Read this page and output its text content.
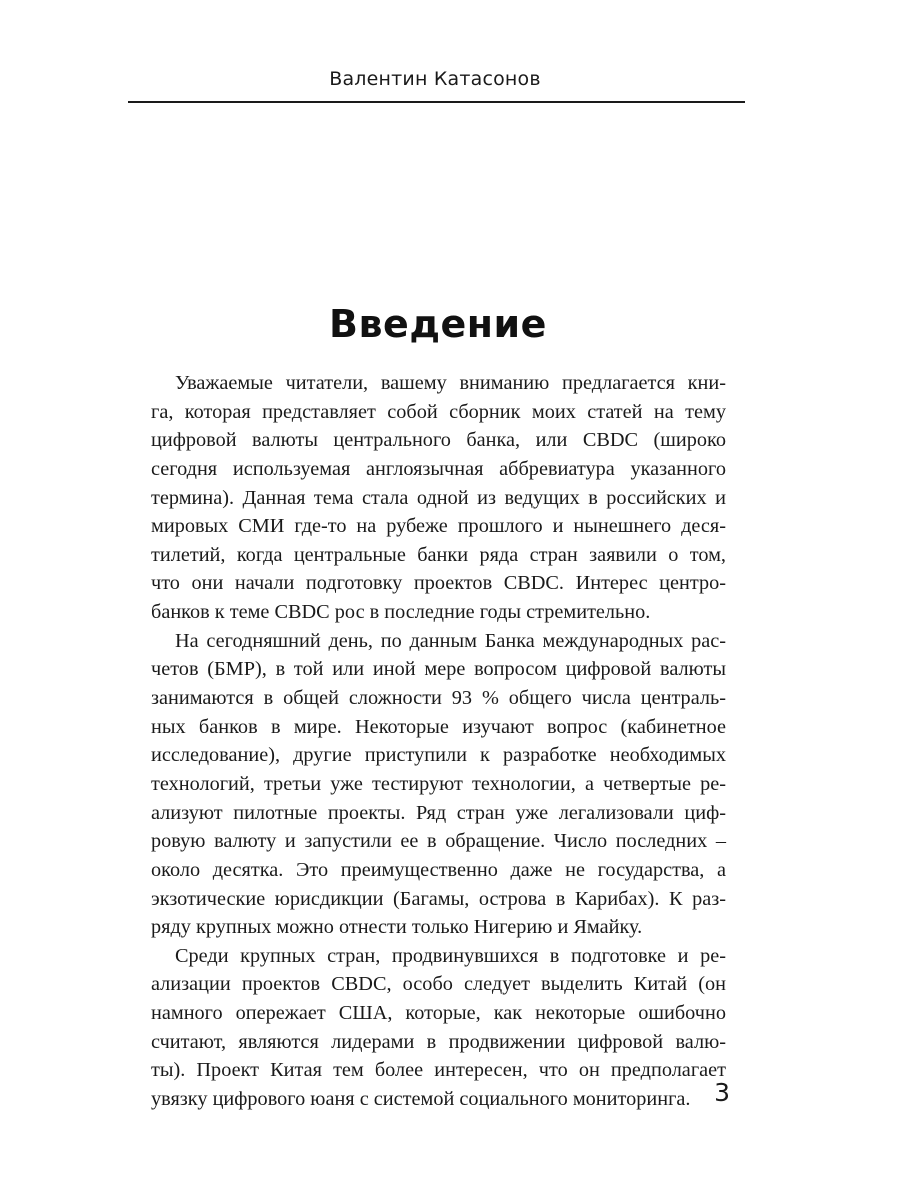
Валентин Катасонов
Введение

Уважаемые читатели, вашему вниманию предлагается кни-
га, которая представляет собой сборник моих статей на тему
цифровой валюты центрального банка, или CBDC (широко
сегодня используемая англоязычная аббревиатура указанного
термина). Данная тема стала одной из ведущих в российских и
мировых СМИ где-то на рубеже прошлого и нынешнего деся-
тилетий, когда центральные банки ряда стран заявили о том,
что они начали подготовку проектов CBDC. Интерес центро-
банков к теме CBDC рос в последние годы стремительно.

На сегодняшний день, по данным Банка международных рас-
четов (БМР), в той или иной мере вопросом цифровой валюты
занимаются в общей сложности 93 % общего числа централь-
ных банков в мире. Некоторые изучают вопрос (кабинетное
исследование), другие приступили к разработке необходимых
технологий, третьи уже тестируют технологии, а четвертые ре-
ализуют пилотные проекты. Ряд стран уже легализовали циф-
ровую валюту и запустили ее в обращение. Число последних –
около десятка. Это преимущественно даже не государства, а
экзотические юрисдикции (Багамы, острова в Карибах). К раз-
ряду крупных можно отнести только Нигерию и Ямайку.

Среди крупных стран, продвинувшихся в подготовке и ре-
ализации проектов CBDC, особо следует выделить Китай (он
намного опережает США, которые, как некоторые ошибочно
считают, являются лидерами в продвижении цифровой валю-
ты). Проект Китая тем более интересен, что он предполагает
увязку цифрового юаня с системой социального мониторинга. 3
